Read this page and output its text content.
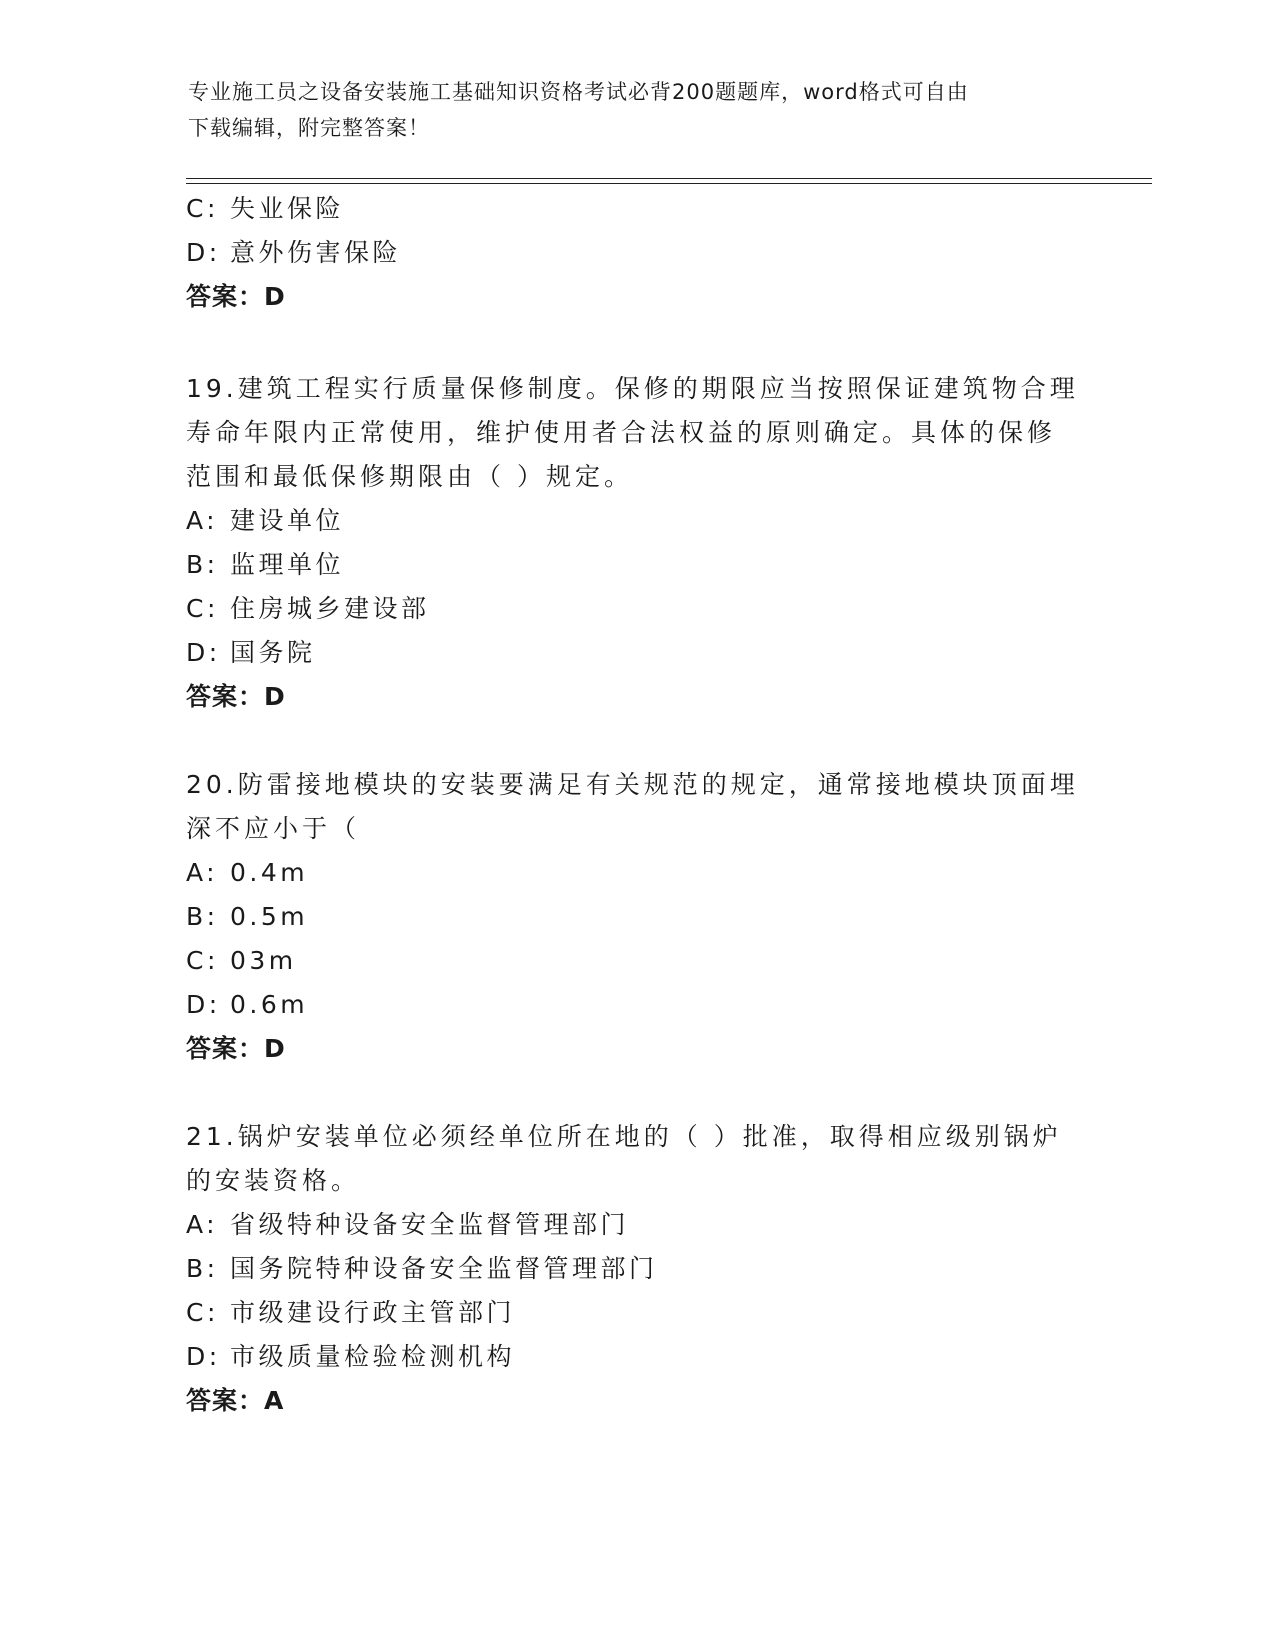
专业施工员之设备安装施工基础知识资格考试必背200题题库，word格式可自由
下载编辑，附完整答案！
C: 失业保险
D: 意外伤害保险
答案：D
19.建筑工程实行质量保修制度。保修的期限应当按照保证建筑物合理
寿命年限内正常使用，维护使用者合法权益的原则确定。具体的保修
范围和最低保修期限由（ ）规定。
A: 建设单位
B: 监理单位
C: 住房城乡建设部
D: 国务院
答案：D
20.防雷接地模块的安装要满足有关规范的规定，通常接地模块顶面埋
深不应小于（
A: 0.4m
B: 0.5m
C: 03m
D: 0.6m
答案：D
21.锅炉安装单位必须经单位所在地的（ ）批准，取得相应级别锅炉
的安装资格。
A: 省级特种设备安全监督管理部门
B: 国务院特种设备安全监督管理部门
C: 市级建设行政主管部门
D: 市级质量检验检测机构
答案：A
